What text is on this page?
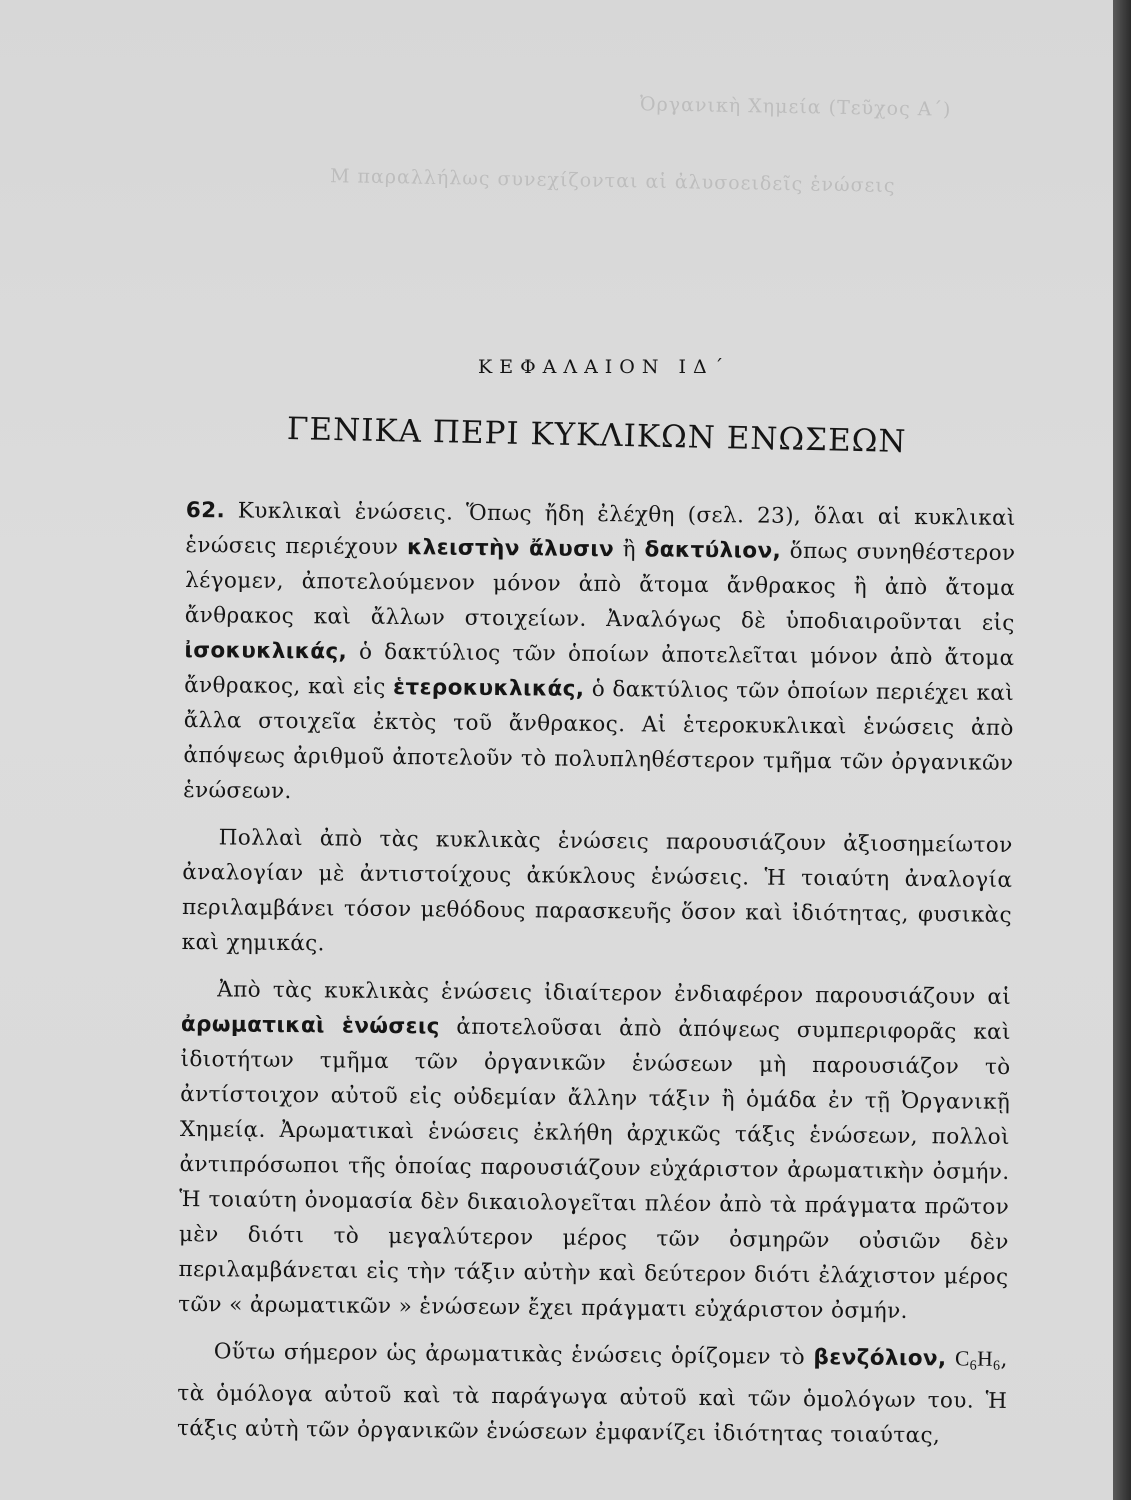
Ὀργανικὴ Χημεία (Τεῦχος Α΄)
Μ παραλλήλως συνεχίζονται αἱ ἀλυσοειδεῖς ἑνώσεις
ΚΕΦΑΛΑΙΟΝ ΙΔ΄
ΓΕΝΙΚΑ ΠΕΡΙ ΚΥΚΛΙΚΩΝ ΕΝΩΣΕΩΝ

62. Κυκλικαὶ ἑνώσεις. Ὅπως ἤδη ἐλέχθη (σελ. 23), ὅλαι αἱ κυκλικαὶ ἑνώσεις περιέχουν κλειστὴν ἄλυσιν ἢ δακτύλιον, ὅπως συνηθέστερον λέγομεν, ἀποτελούμενον μόνον ἀπὸ ἄτομα ἄνθρακος ἢ ἀπὸ ἄτομα ἄνθρακος καὶ ἄλλων στοιχείων. Ἀναλόγως δὲ ὑποδιαιροῦνται εἰς ἰσοκυκλικάς, ὁ δακτύλιος τῶν ὁποίων ἀποτελεῖται μόνον ἀπὸ ἄτομα ἄνθρακος, καὶ εἰς ἑτεροκυκλικάς, ὁ δακτύλιος τῶν ὁποίων περιέχει καὶ ἄλλα στοιχεῖα ἐκτὸς τοῦ ἄνθρακος. Αἱ ἑτεροκυκλικαὶ ἑνώσεις ἀπὸ ἀπόψεως ἀριθμοῦ ἀποτελοῦν τὸ πολυπληθέστερον τμῆμα τῶν ὀργανικῶν ἑνώσεων.

Πολλαὶ ἀπὸ τὰς κυκλικὰς ἑνώσεις παρουσιάζουν ἀξιοσημείωτον ἀναλογίαν μὲ ἀντιστοίχους ἀκύκλους ἑνώσεις. Ἡ τοιαύτη ἀναλογία περιλαμβάνει τόσον μεθόδους παρασκευῆς ὅσον καὶ ἰδιότητας, φυσικὰς καὶ χημικάς.

Ἀπὸ τὰς κυκλικὰς ἑνώσεις ἰδιαίτερον ἐνδιαφέρον παρουσιάζουν αἱ ἀρωματικαὶ ἑνώσεις ἀποτελοῦσαι ἀπὸ ἀπόψεως συμπεριφορᾶς καὶ ἰδιοτήτων τμῆμα τῶν ὀργανικῶν ἑνώσεων μὴ παρουσιάζον τὸ ἀντίστοιχον αὐτοῦ εἰς οὐδεμίαν ἄλλην τάξιν ἢ ὁμάδα ἐν τῇ Ὀργανικῇ Χημείᾳ. Ἀρωματικαὶ ἑνώσεις ἐκλήθη ἀρχικῶς τάξις ἑνώσεων, πολλοὶ ἀντιπρόσωποι τῆς ὁποίας παρουσιάζουν εὐχάριστον ἀρωματικὴν ὀσμήν. Ἡ τοιαύτη ὀνομασία δὲν δικαιολογεῖται πλέον ἀπὸ τὰ πράγματα πρῶτον μὲν διότι τὸ μεγαλύτερον μέρος τῶν ὀσμηρῶν οὐσιῶν δὲν περιλαμβάνεται εἰς τὴν τάξιν αὐτὴν καὶ δεύτερον διότι ἐλάχιστον μέρος τῶν « ἀρωματικῶν » ἑνώσεων ἔχει πράγματι εὐχάριστον ὀσμήν.

Οὕτω σήμερον ὡς ἀρωματικὰς ἑνώσεις ὁρίζομεν τὸ βενζόλιον, $C_6H_6$, τὰ ὁμόλογα αὐτοῦ καὶ τὰ παράγωγα αὐτοῦ καὶ τῶν ὁμολόγων του. Ἡ τάξις αὐτὴ τῶν ὀργανικῶν ἑνώσεων ἐμφανίζει ἰδιότητας τοιαύτας,
